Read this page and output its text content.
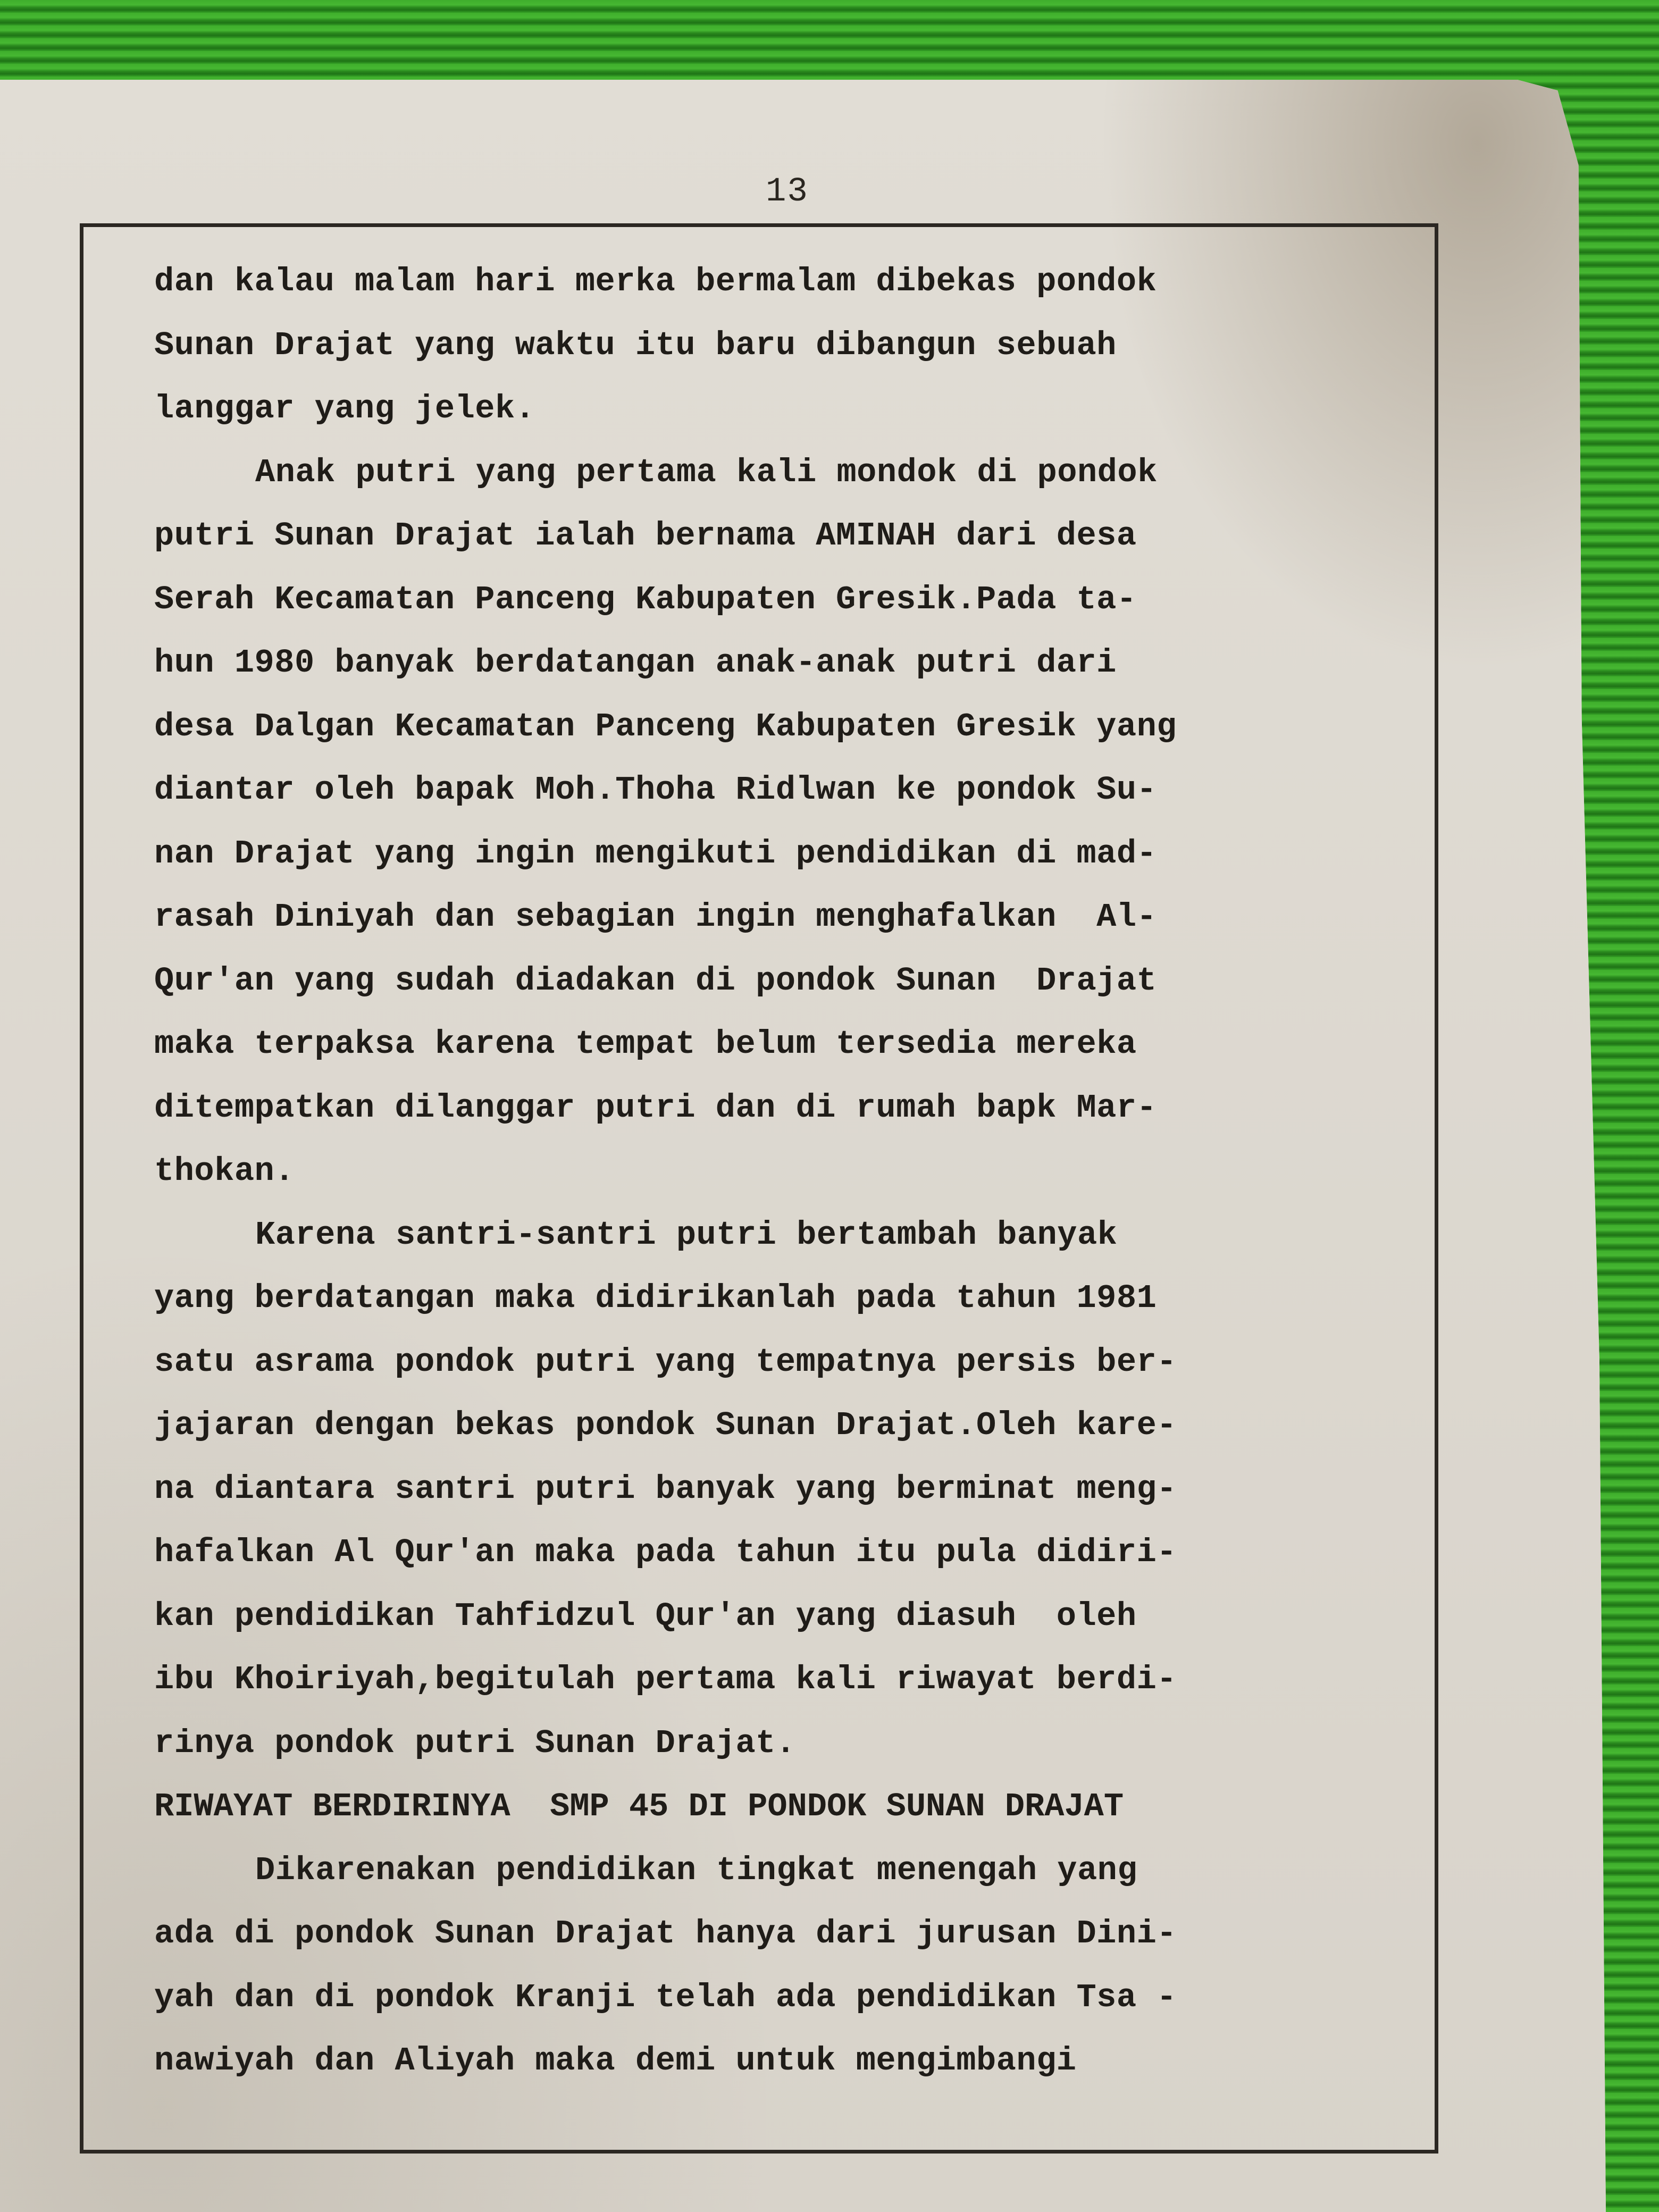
13
dan kalau malam hari merka bermalam dibekas pondok
Sunan Drajat yang waktu itu baru dibangun sebuah
langgar yang jelek.
Anak putri yang pertama kali mondok di pondok
putri Sunan Drajat ialah bernama AMINAH dari desa
Serah Kecamatan Panceng Kabupaten Gresik.Pada ta-
hun 1980 banyak berdatangan anak-anak putri dari
desa Dalgan Kecamatan Panceng Kabupaten Gresik yang
diantar oleh bapak Moh.Thoha Ridlwan ke pondok Su-
nan Drajat yang ingin mengikuti pendidikan di mad-
rasah Diniyah dan sebagian ingin menghafalkan  Al-
Qur'an yang sudah diadakan di pondok Sunan  Drajat
maka terpaksa karena tempat belum tersedia mereka
ditempatkan dilanggar putri dan di rumah bapk Mar-
thokan.
Karena santri-santri putri bertambah banyak
yang berdatangan maka didirikanlah pada tahun 1981
satu asrama pondok putri yang tempatnya persis ber-
jajaran dengan bekas pondok Sunan Drajat.Oleh kare-
na diantara santri putri banyak yang berminat meng-
hafalkan Al Qur'an maka pada tahun itu pula didiri-
kan pendidikan Tahfidzul Qur'an yang diasuh  oleh
ibu Khoiriyah,begitulah pertama kali riwayat berdi-
rinya pondok putri Sunan Drajat.
RIWAYAT BERDIRINYA  SMP 45 DI PONDOK SUNAN DRAJAT
Dikarenakan pendidikan tingkat menengah yang
ada di pondok Sunan Drajat hanya dari jurusan Dini-
yah dan di pondok Kranji telah ada pendidikan Tsa -
nawiyah dan Aliyah maka demi untuk mengimbangi
